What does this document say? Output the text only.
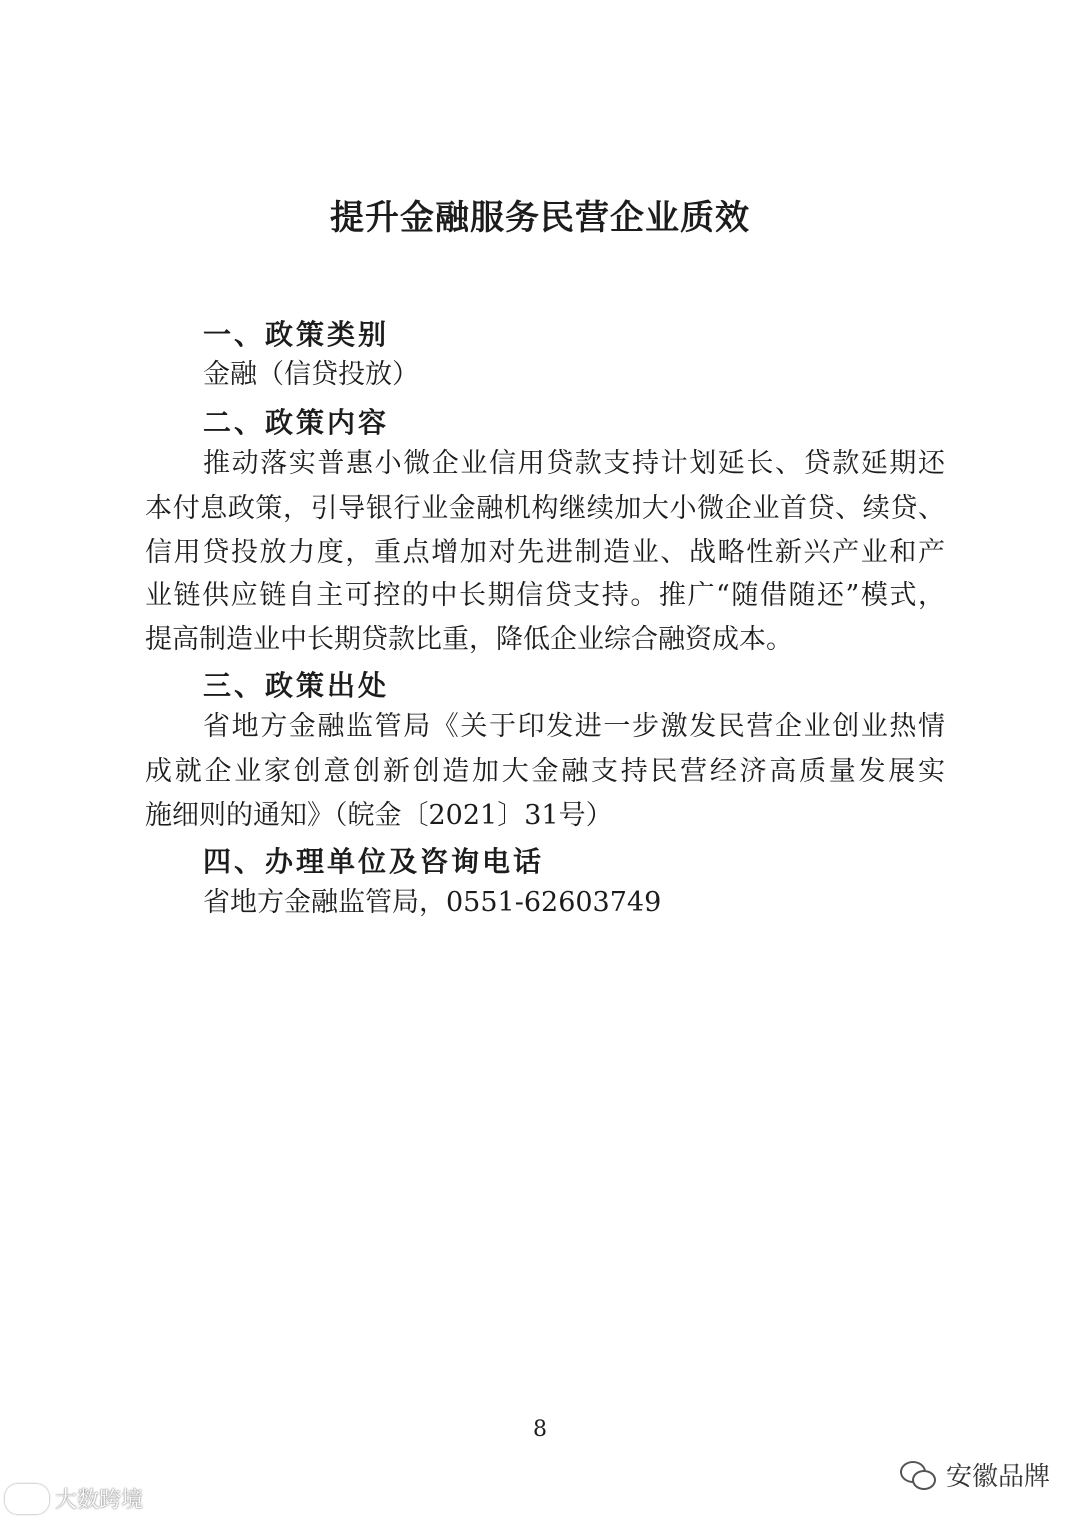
提升金融服务民营企业质效
一、政策类别
金融（信贷投放）
二、政策内容
推动落实普惠小微企业信用贷款支持计划延长、贷款延期还
本付息政策，引导银行业金融机构继续加大小微企业首贷、续贷、
信用贷投放力度，重点增加对先进制造业、战略性新兴产业和产
业链供应链自主可控的中长期信贷支持。推广“随借随还”模式，
提高制造业中长期贷款比重，降低企业综合融资成本。
三、政策出处
省地方金融监管局《关于印发进一步激发民营企业创业热情
成就企业家创意创新创造加大金融支持民营经济高质量发展实
施细则的通知》（皖金〔2021〕31号）
四、办理单位及咨询电话
省地方金融监管局，0551-62603749
8
大数跨境
安徽品牌
